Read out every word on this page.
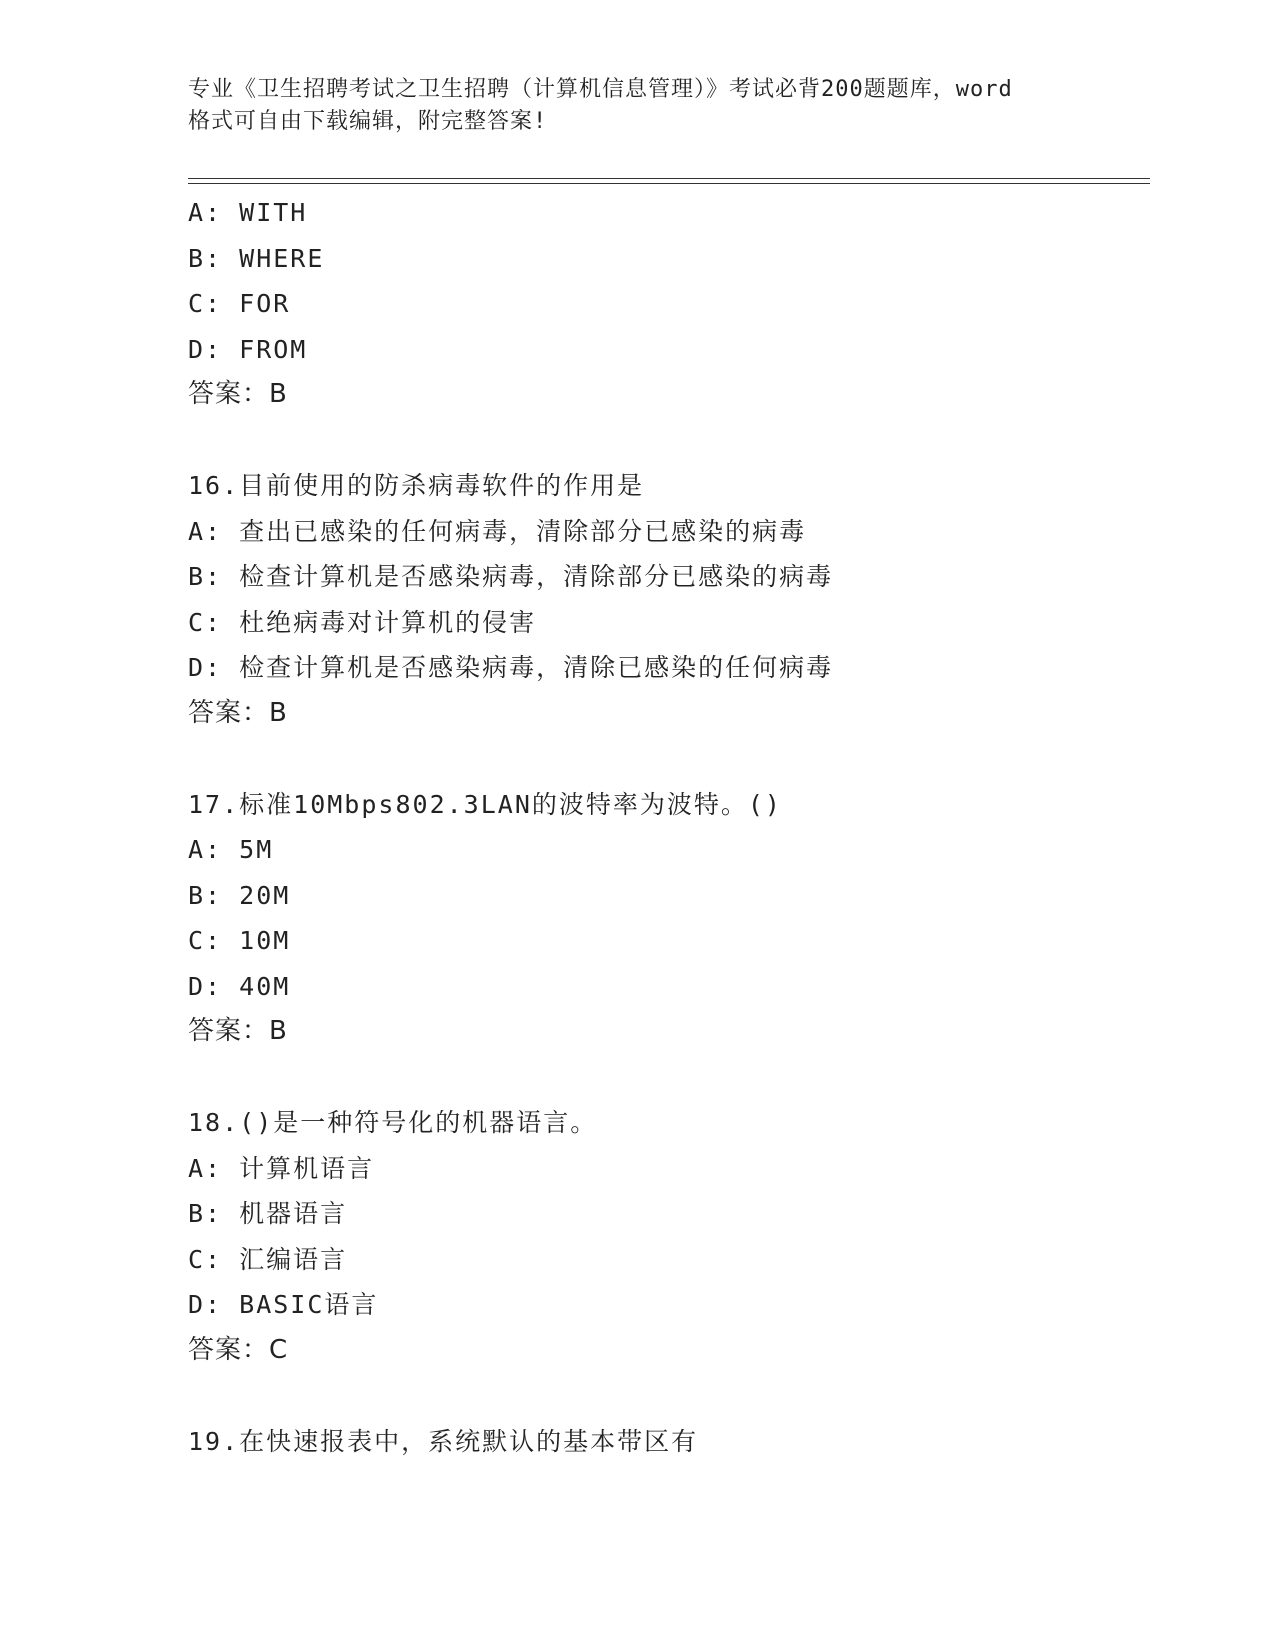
专业《卫生招聘考试之卫生招聘（计算机信息管理）》考试必背200题题库，word
格式可自由下载编辑，附完整答案!
A: WITH
B: WHERE
C: FOR
D: FROM
答案：B
16.目前使用的防杀病毒软件的作用是
A: 查出已感染的任何病毒，清除部分已感染的病毒
B: 检查计算机是否感染病毒，清除部分已感染的病毒
C: 杜绝病毒对计算机的侵害
D: 检查计算机是否感染病毒，清除已感染的任何病毒
答案：B
17.标准10Mbps802.3LAN的波特率为波特。()
A: 5M
B: 20M
C: 10M
D: 40M
答案：B
18.()是一种符号化的机器语言。
A: 计算机语言
B: 机器语言
C: 汇编语言
D: BASIC语言
答案：C
19.在快速报表中，系统默认的基本带区有
